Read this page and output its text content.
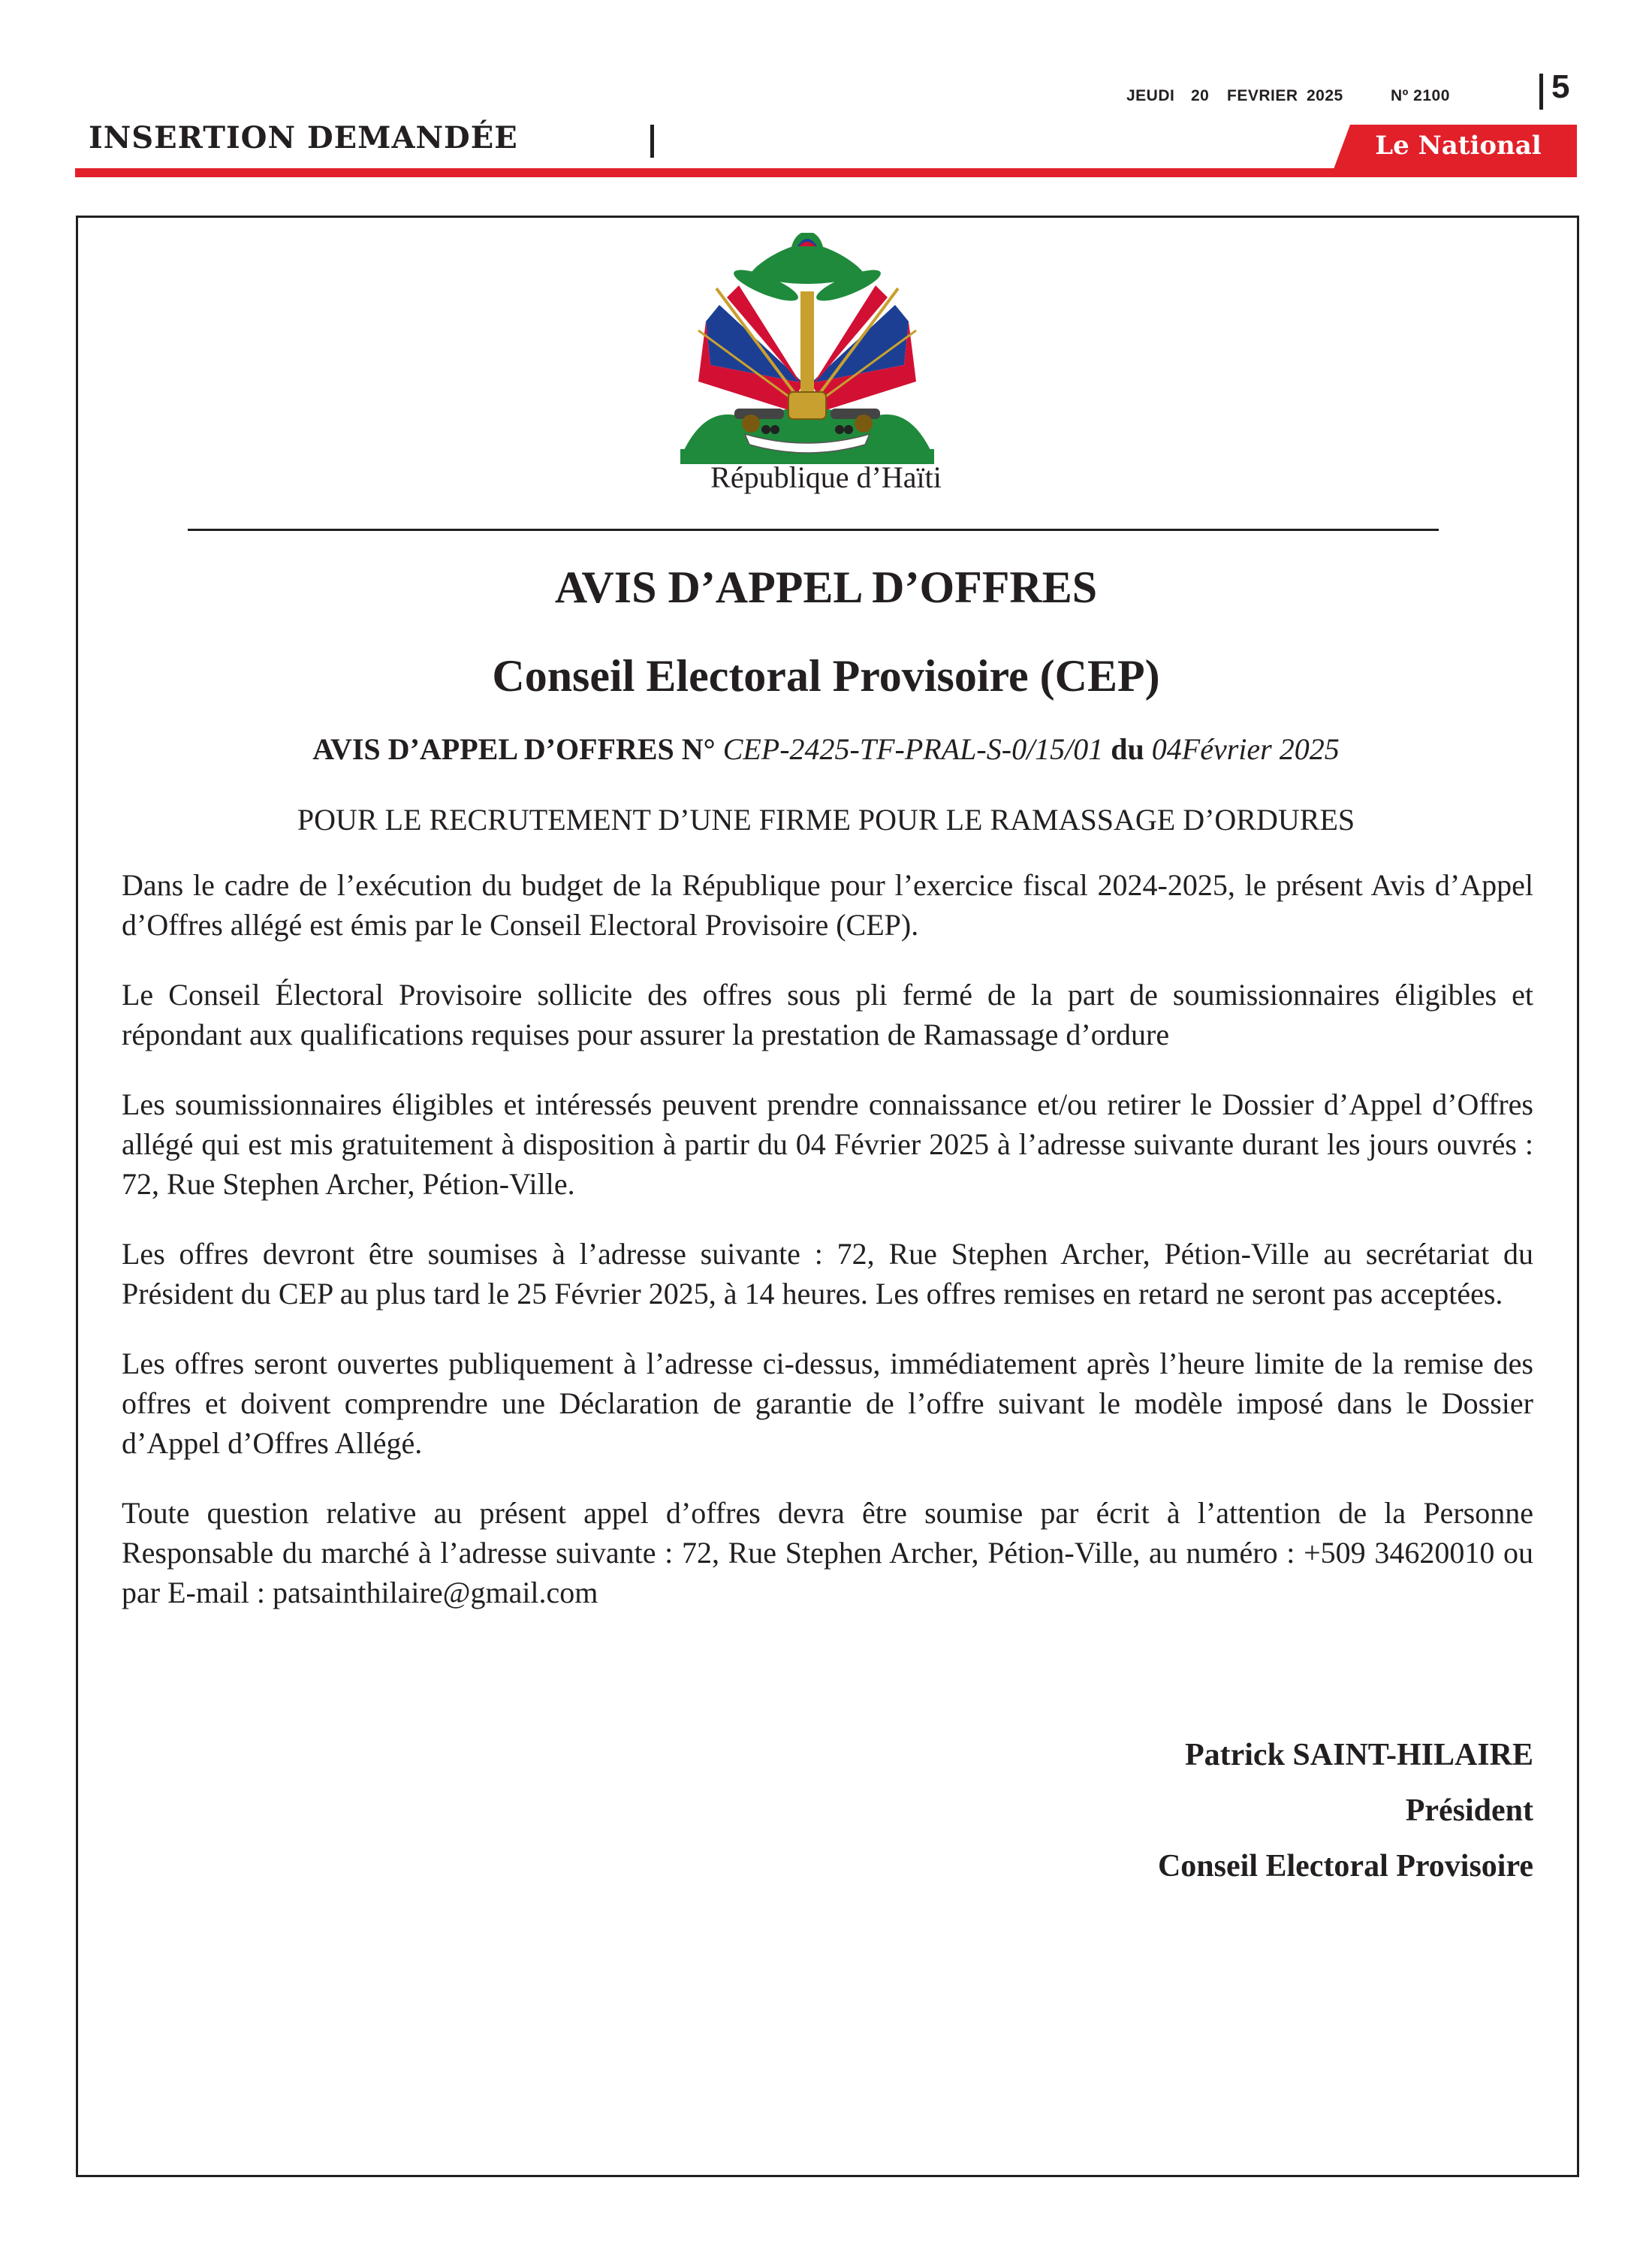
JEUDI 20 FEVRIER 2025	Nº 2100	5
INSERTION DEMANDÉE	Le National
République d’Haïti
AVIS D’APPEL D’OFFRES
Conseil Electoral Provisoire (CEP)
AVIS D’APPEL D’OFFRES N° CEP-2425-TF-PRAL-S-0/15/01 du 04Février 2025
POUR LE RECRUTEMENT D’UNE FIRME POUR LE RAMASSAGE D’ORDURES

Dans le cadre de l’exécution du budget de la République pour l’exercice fiscal 2024-2025, le présent Avis d’Appel d’Offres allégé est émis par le Conseil Electoral Provisoire (CEP).

Le Conseil Électoral Provisoire sollicite des offres sous pli fermé de la part de soumissionnaires éligibles et répondant aux qualifications requises pour assurer la prestation de Ramassage d’ordure

Les soumissionnaires éligibles et intéressés peuvent prendre connaissance et/ou retirer le Dossier d’Appel d’Offres allégé qui est mis gratuitement à disposition à partir du 04 Février 2025 à l’adresse suivante durant les jours ouvrés : 72, Rue Stephen Archer, Pétion-Ville.

Les offres devront être soumises à l’adresse suivante : 72, Rue Stephen Archer, Pétion-Ville au secrétariat du Président du CEP au plus tard le 25 Février 2025, à 14 heures. Les offres remises en retard ne seront pas acceptées.

Les offres seront ouvertes publiquement à l’adresse ci-dessus, immédiatement après l’heure limite de la remise des offres et doivent comprendre une Déclaration de garantie de l’offre suivant le modèle imposé dans le Dossier d’Appel d’Offres Allégé.

Toute question relative au présent appel d’offres devra être soumise par écrit à l’attention de la Personne Responsable du marché à l’adresse suivante : 72, Rue Stephen Archer, Pétion-Ville, au numéro : +509 34620010 ou par E-mail : patsainthilaire@gmail.com

Patrick SAINT-HILAIRE
Président
Conseil Electoral Provisoire
